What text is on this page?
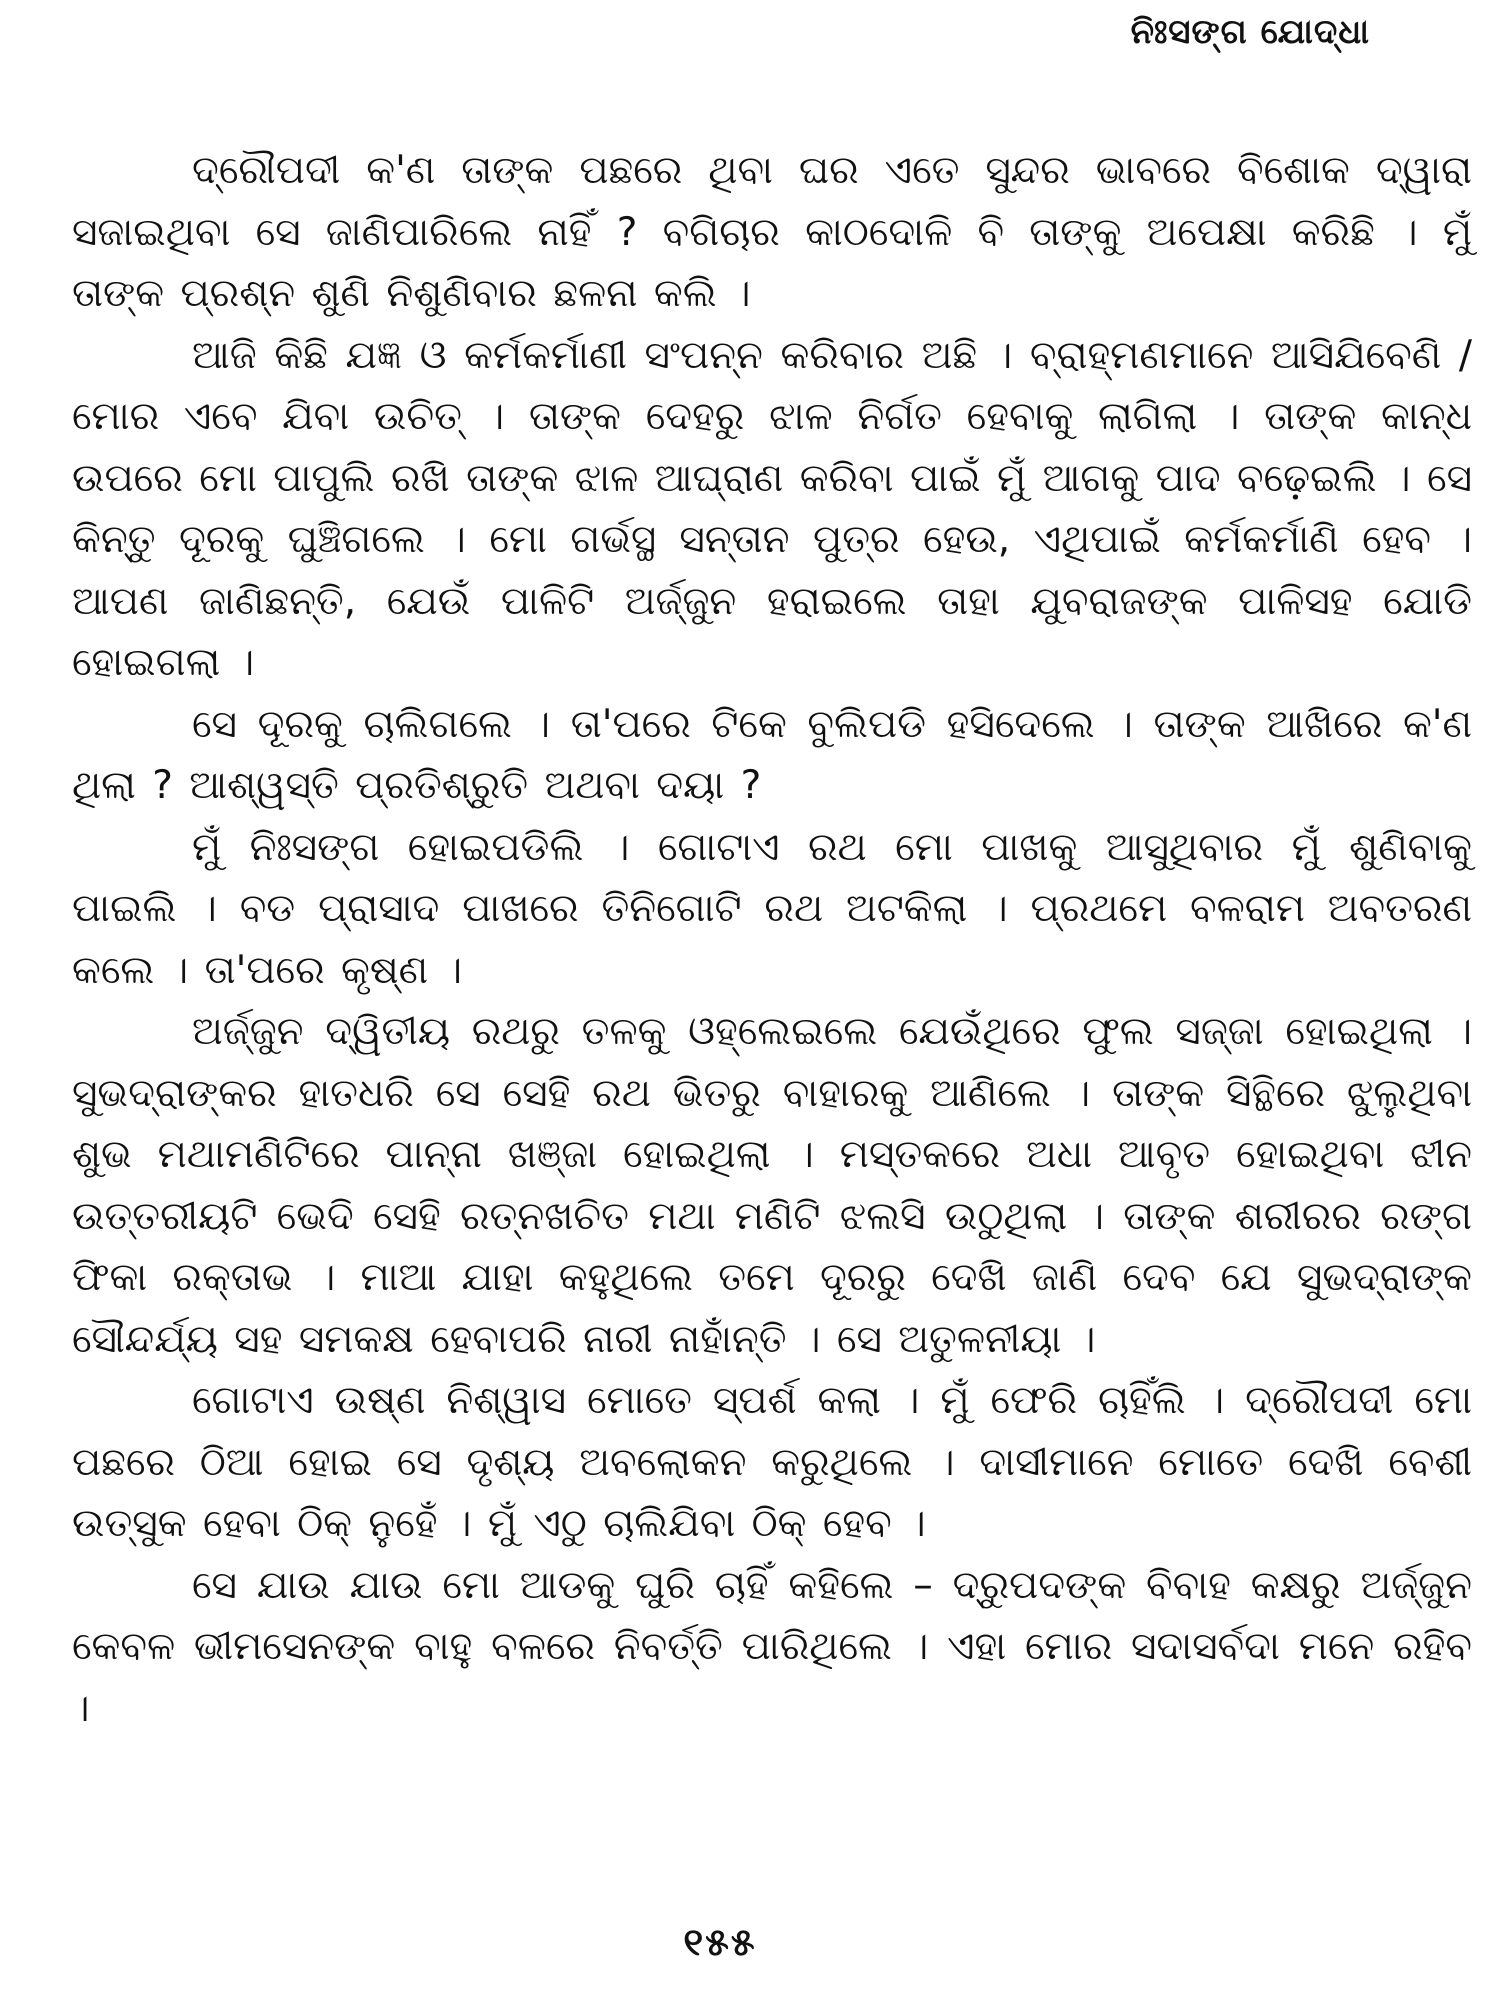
ନିଃସଙ୍ଗ ଯୋଦ୍ଧା

ଦ୍ରୌପଦୀ କ'ଣ ତାଙ୍କ ପଛରେ ଥିବା ଘର ଏତେ ସୁନ୍ଦର ଭାବରେ ବିଶୋକ ଦ୍ୱାରା ସଜାଇଥିବା ସେ ଜାଣିପାରିଲେ ନାହିଁ ? ବଗିଚାର କାଠଦୋଳି ବି ତାଙ୍କୁ ଅପେକ୍ଷା କରିଛି । ମୁଁ ତାଙ୍କ ପ୍ରଶ୍ନ ଶୁଣି ନିଶୁଣିବାର ଛଳନା କଲି ।

ଆଜି କିଛି ଯଜ୍ଞ ଓ କର୍ମକର୍ମାଣୀ ସଂପନ୍ନ କରିବାର ଅଛି । ବ୍ରାହ୍ମଣମାନେ ଆସିଯିବେଣି / ମୋର ଏବେ ଯିବା ଉଚିତ୍ । ତାଙ୍କ ଦେହରୁ ଝାଳ ନିର୍ଗତ ହେବାକୁ ଲାଗିଲା । ତାଙ୍କ କାନ୍ଧ ଉପରେ ମୋ ପାପୁଲି ରଖି ତାଙ୍କ ଝାଳ ଆଘ୍ରାଣ କରିବା ପାଇଁ ମୁଁ ଆଗକୁ ପାଦ ବଢ଼େଇଲି । ସେ କିନ୍ତୁ ଦୂରକୁ ଘୁଞ୍ଚିଗଲେ । ମୋ ଗର୍ଭସ୍ଥ ସନ୍ତାନ ପୁତ୍ର ହେଉ, ଏଥିପାଇଁ କର୍ମକର୍ମାଣି ହେବ । ଆପଣ ଜାଣିଛନ୍ତି, ଯେଉଁ ପାଳିଟି ଅର୍ଜ୍ଜୁନ ହରାଇଲେ ତାହା ଯୁବରାଜଙ୍କ ପାଳିସହ ଯୋଡି ହୋଇଗଲା ।

ସେ ଦୂରକୁ ଚାଲିଗଲେ । ତା'ପରେ ଟିକେ ବୁଲିପଡି ହସିଦେଲେ । ତାଙ୍କ ଆଖିରେ କ'ଣ ଥିଲା ? ଆଶ୍ୱସ୍ତି ପ୍ରତିଶ୍ରୁତି ଅଥବା ଦୟା ?

ମୁଁ ନିଃସଙ୍ଗ ହୋଇପଡିଲି । ଗୋଟାଏ ରଥ ମୋ ପାଖକୁ ଆସୁଥିବାର ମୁଁ ଶୁଣିବାକୁ ପାଇଲି । ବଡ ପ୍ରାସାଦ ପାଖରେ ତିନିଗୋଟି ରଥ ଅଟକିଲା । ପ୍ରଥମେ ବଳରାମ ଅବତରଣ କଲେ । ତା'ପରେ କୃଷ୍ଣ ।

ଅର୍ଜ୍ଜୁନ ଦ୍ୱିତୀୟ ରଥରୁ ତଳକୁ ଓହ୍ଲେଇଲେ ଯେଉଁଥିରେ ଫୁଲ ସଜ୍ଜା ହୋଇଥିଲା । ସୁଭଦ୍ରାଙ୍କର ହାତଧରି ସେ ସେହି ରଥ ଭିତରୁ ବାହାରକୁ ଆଣିଲେ । ତାଙ୍କ ସିନ୍ଥିରେ ଝୁଲୁଥିବା ଶୁଭ ମଥାମଣିଟିରେ ପାନ୍ନା ଖଞ୍ଜା ହୋଇଥିଲା । ମସ୍ତକରେ ଅଧା ଆବୃତ ହୋଇଥିବା ଝୀନ ଉତ୍ତରୀୟଟି ଭେଦି ସେହି ରତ୍ନଖଚିତ ମଥା ମଣିଟି ଝଲସି ଉଠୁଥିଲା । ତାଙ୍କ ଶରୀରର ରଙ୍ଗ ଫିକା ରକ୍ତାଭ । ମାଆ ଯାହା କହୁଥିଲେ ତମେ ଦୂରରୁ ଦେଖି ଜାଣି ଦେବ ଯେ ସୁଭଦ୍ରାଙ୍କ ସୌନ୍ଦର୍ଯ୍ୟ ସହ ସମକକ୍ଷ ହେବାପରି ନାରୀ ନାହାଁନ୍ତି । ସେ ଅତୁଳନୀୟା ।

ଗୋଟାଏ ଉଷ୍ଣ ନିଶ୍ୱାସ ମୋତେ ସ୍ପର୍ଶ କଲା । ମୁଁ ଫେରି ଚାହିଁଲି । ଦ୍ରୌପଦୀ ମୋ ପଛରେ ଠିଆ ହୋଇ ସେ ଦୃଶ୍ୟ ଅବଲୋକନ କରୁଥିଲେ । ଦାସୀମାନେ ମୋତେ ଦେଖି ବେଶୀ ଉତ୍ସୁକ ହେବା ଠିକ୍ ନୁହେଁ । ମୁଁ ଏଠୁ ଚାଲିଯିବା ଠିକ୍ ହେବ ।

ସେ ଯାଉ ଯାଉ ମୋ ଆଡକୁ ଘୁରି ଚାହିଁ କହିଲେ – ଦ୍ରୁପଦଙ୍କ ବିବାହ କକ୍ଷରୁ ଅର୍ଜ୍ଜୁନ କେବଳ ଭୀମସେନଙ୍କ ବାହୁ ବଳରେ ନିବର୍ତ୍ତି ପାରିଥିଲେ । ଏହା ମୋର ସଦାସର୍ବଦା ମନେ ରହିବ ।

୧୫୫
